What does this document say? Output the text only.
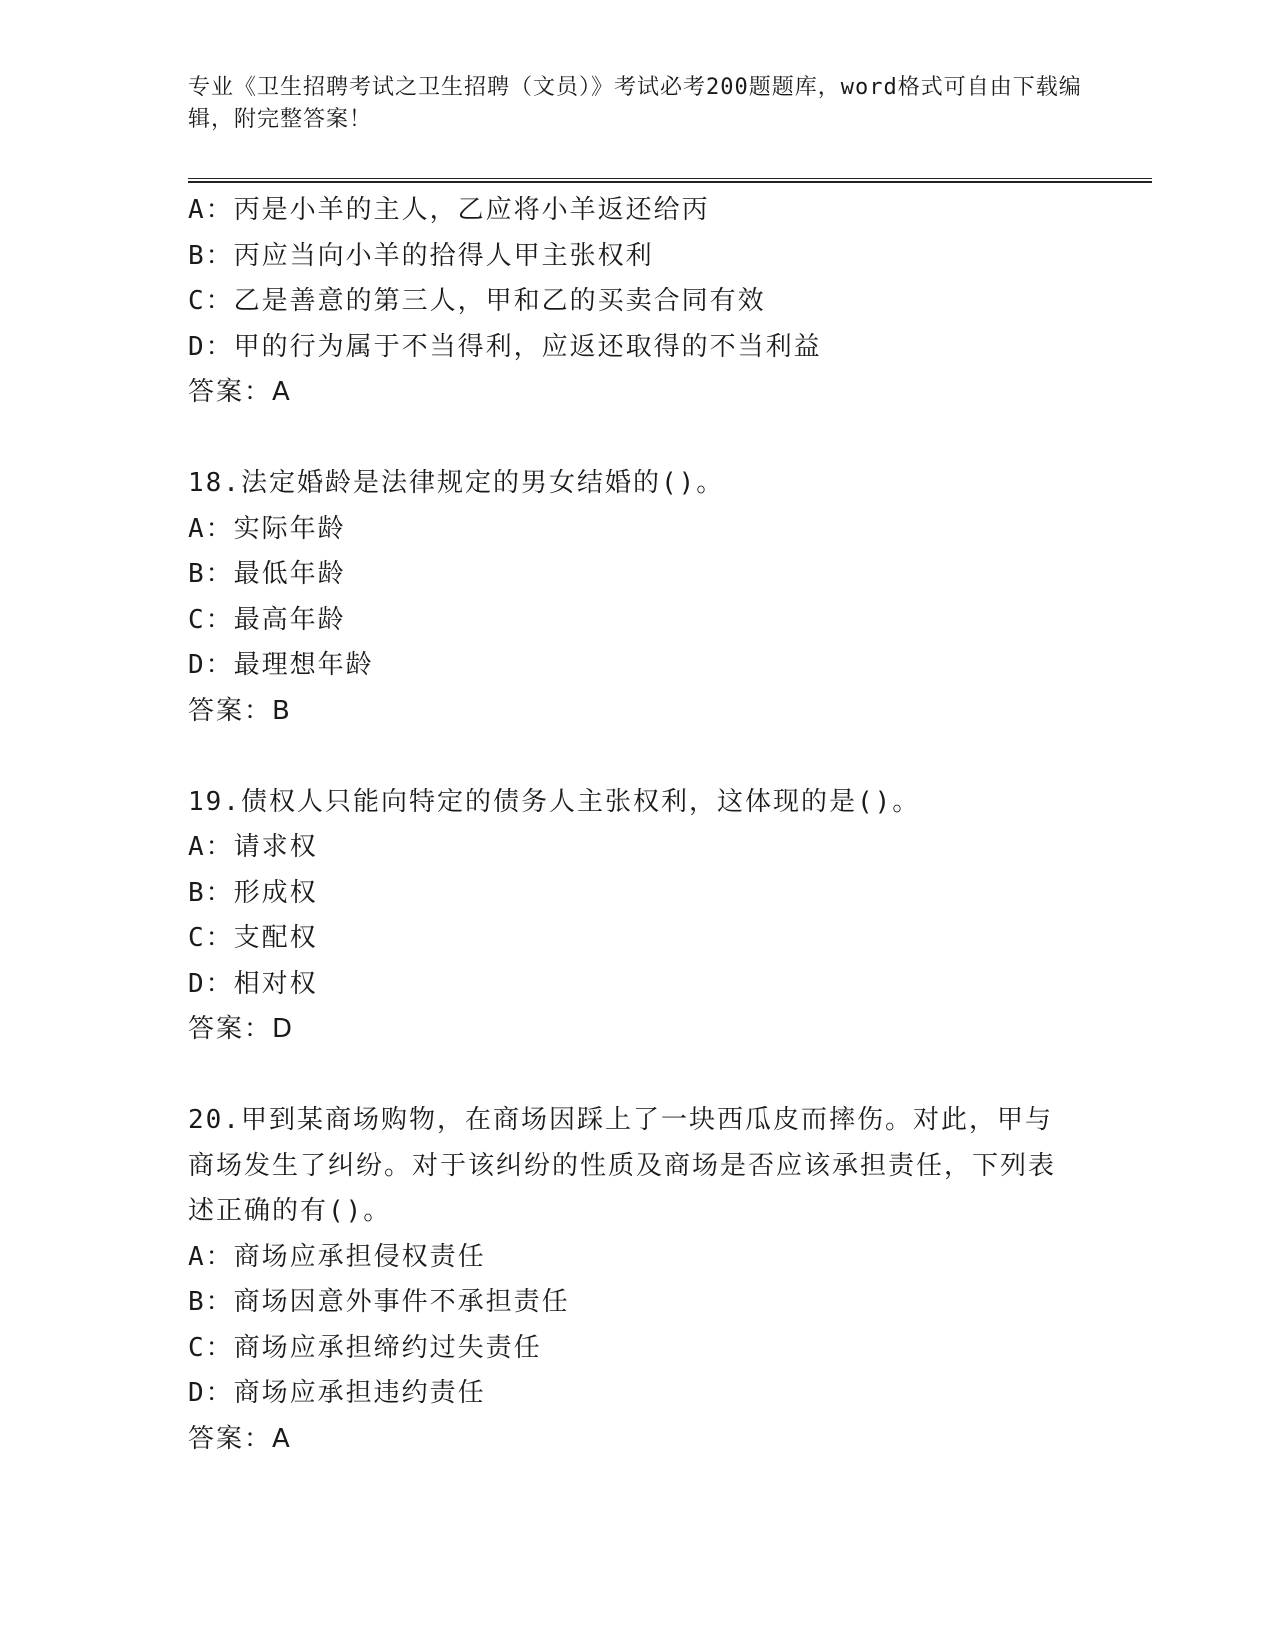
专业《卫生招聘考试之卫生招聘（文员）》考试必考200题题库，word格式可自由下载编辑，附完整答案！
A：丙是小羊的主人，乙应将小羊返还给丙
B：丙应当向小羊的拾得人甲主张权利
C：乙是善意的第三人，甲和乙的买卖合同有效
D：甲的行为属于不当得利，应返还取得的不当利益
答案：A
18.法定婚龄是法律规定的男女结婚的()。
A：实际年龄
B：最低年龄
C：最高年龄
D：最理想年龄
答案：B
19.债权人只能向特定的债务人主张权利，这体现的是()。
A：请求权
B：形成权
C：支配权
D：相对权
答案：D
20.甲到某商场购物，在商场因踩上了一块西瓜皮而摔伤。对此，甲与商场发生了纠纷。对于该纠纷的性质及商场是否应该承担责任，下列表述正确的有()。
A：商场应承担侵权责任
B：商场因意外事件不承担责任
C：商场应承担缔约过失责任
D：商场应承担违约责任
答案：A
